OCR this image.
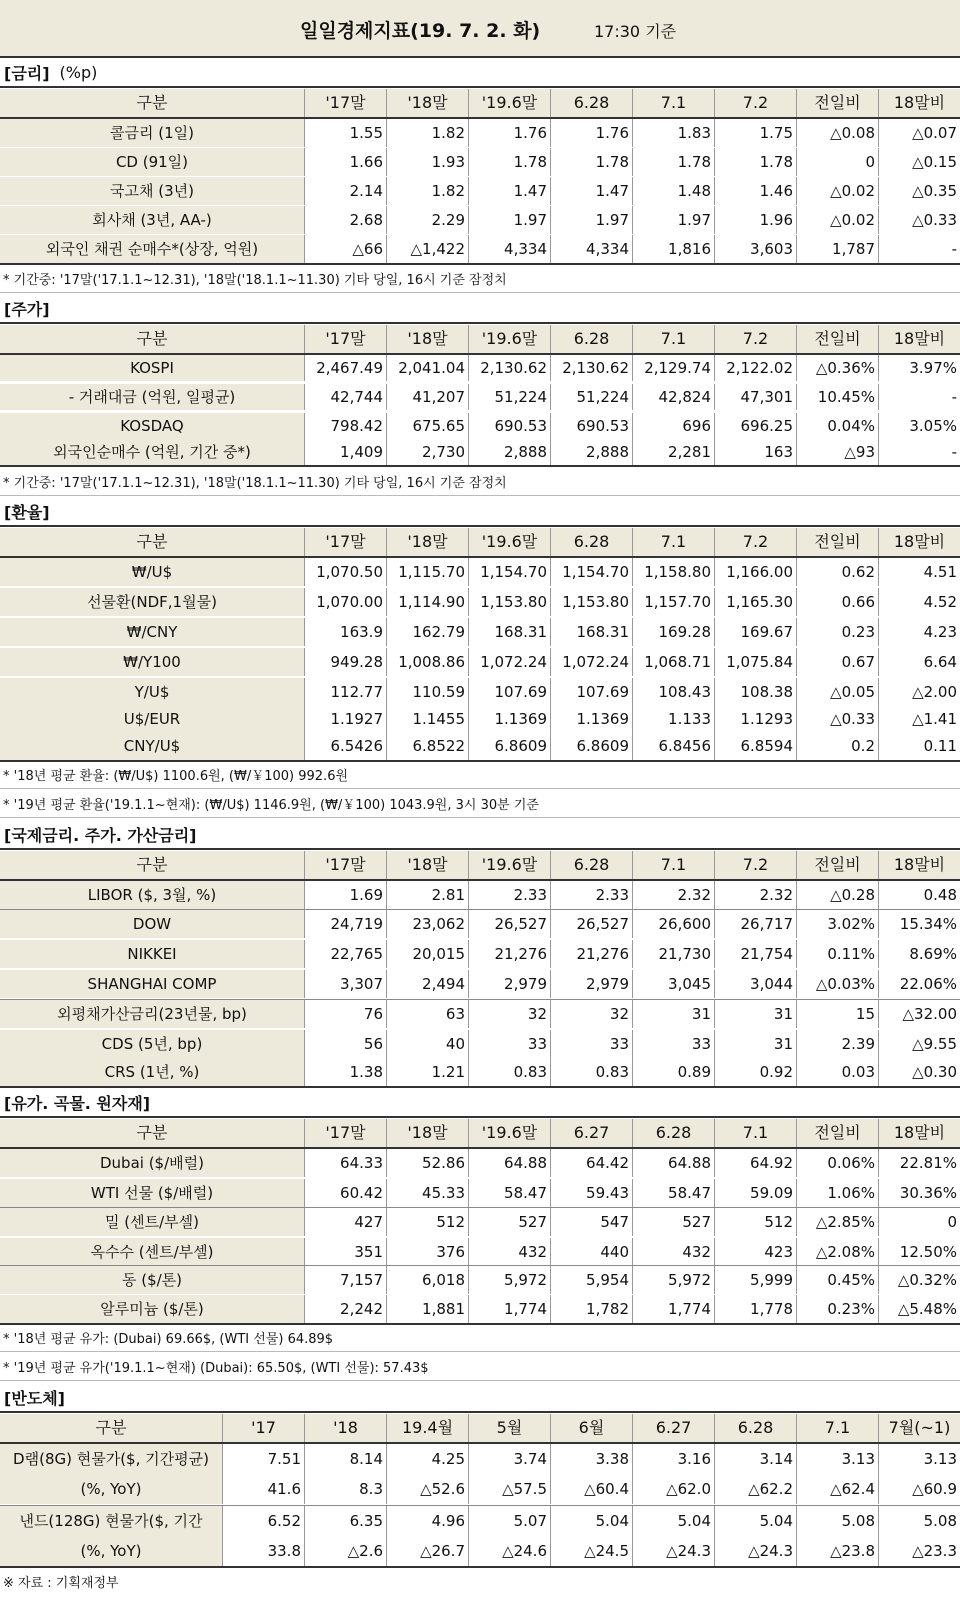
일일경제지표(19. 7. 2. 화)	17:30 기준
[금리] (%p)
구분	'17말	'18말	'19.6말	6.28	7.1	7.2	전일비	18말비
콜금리 (1일)	1.55	1.82	1.76	1.76	1.83	1.75	△0.08	△0.07
CD (91일)	1.66	1.93	1.78	1.78	1.78	1.78	0	△0.15
국고채 (3년)	2.14	1.82	1.47	1.47	1.48	1.46	△0.02	△0.35
회사채 (3년, AA-)	2.68	2.29	1.97	1.97	1.97	1.96	△0.02	△0.33
외국인 채권 순매수*(상장, 억원)	△66	△1,422	4,334	4,334	1,816	3,603	1,787	-
* 기간중: '17말('17.1.1~12.31), '18말('18.1.1~11.30) 기타 당일, 16시 기준 잠정치
[주가]
구분	'17말	'18말	'19.6말	6.28	7.1	7.2	전일비	18말비
KOSPI	2,467.49	2,041.04	2,130.62	2,130.62	2,129.74	2,122.02	△0.36%	3.97%
- 거래대금 (억원, 일평균)	42,744	41,207	51,224	51,224	42,824	47,301	10.45%	-
KOSDAQ	798.42	675.65	690.53	690.53	696	696.25	0.04%	3.05%
외국인순매수 (억원, 기간 중*)	1,409	2,730	2,888	2,888	2,281	163	△93	-
* 기간중: '17말('17.1.1~12.31), '18말('18.1.1~11.30) 기타 당일, 16시 기준 잠정치
[환율]
구분	'17말	'18말	'19.6말	6.28	7.1	7.2	전일비	18말비
₩/U$	1,070.50	1,115.70	1,154.70	1,154.70	1,158.80	1,166.00	0.62	4.51
선물환(NDF,1월물)	1,070.00	1,114.90	1,153.80	1,153.80	1,157.70	1,165.30	0.66	4.52
₩/CNY	163.9	162.79	168.31	168.31	169.28	169.67	0.23	4.23
₩/Y100	949.28	1,008.86	1,072.24	1,072.24	1,068.71	1,075.84	0.67	6.64
Y/U$	112.77	110.59	107.69	107.69	108.43	108.38	△0.05	△2.00
U$/EUR	1.1927	1.1455	1.1369	1.1369	1.133	1.1293	△0.33	△1.41
CNY/U$	6.5426	6.8522	6.8609	6.8609	6.8456	6.8594	0.2	0.11
* '18년 평균 환율: (₩/U$) 1100.6원, (₩/￥100) 992.6원
* '19년 평균 환율('19.1.1~현재): (₩/U$) 1146.9원, (₩/￥100) 1043.9원, 3시 30분 기준
[국제금리. 주가. 가산금리]
구분	'17말	'18말	'19.6말	6.28	7.1	7.2	전일비	18말비
LIBOR ($, 3월, %)	1.69	2.81	2.33	2.33	2.32	2.32	△0.28	0.48
DOW	24,719	23,062	26,527	26,527	26,600	26,717	3.02%	15.34%
NIKKEI	22,765	20,015	21,276	21,276	21,730	21,754	0.11%	8.69%
SHANGHAI COMP	3,307	2,494	2,979	2,979	3,045	3,044	△0.03%	22.06%
외평채가산금리(23년물, bp)	76	63	32	32	31	31	15	△32.00
CDS (5년, bp)	56	40	33	33	33	31	2.39	△9.55
CRS (1년, %)	1.38	1.21	0.83	0.83	0.89	0.92	0.03	△0.30
[유가. 곡물. 원자재]
구분	'17말	'18말	'19.6말	6.27	6.28	7.1	전일비	18말비
Dubai ($/배럴)	64.33	52.86	64.88	64.42	64.88	64.92	0.06%	22.81%
WTI 선물 ($/배럴)	60.42	45.33	58.47	59.43	58.47	59.09	1.06%	30.36%
밀 (센트/부셀)	427	512	527	547	527	512	△2.85%	0
옥수수 (센트/부셀)	351	376	432	440	432	423	△2.08%	12.50%
동 ($/톤)	7,157	6,018	5,972	5,954	5,972	5,999	0.45%	△0.32%
알루미늄 ($/톤)	2,242	1,881	1,774	1,782	1,774	1,778	0.23%	△5.48%
* '18년 평균 유가: (Dubai) 69.66$, (WTI 선물) 64.89$
* '19년 평균 유가('19.1.1~현재) (Dubai): 65.50$, (WTI 선물): 57.43$
[반도체]
구분	'17	'18	19.4월	5월	6월	6.27	6.28	7.1	7월(~1)
D램(8G) 현물가($, 기간평균)	7.51	8.14	4.25	3.74	3.38	3.16	3.14	3.13	3.13
(%, YoY)	41.6	8.3	△52.6	△57.5	△60.4	△62.0	△62.2	△62.4	△60.9
낸드(128G) 현물가($, 기간	6.52	6.35	4.96	5.07	5.04	5.04	5.04	5.08	5.08
(%, YoY)	33.8	△2.6	△26.7	△24.6	△24.5	△24.3	△24.3	△23.8	△23.3
※ 자료 : 기획재정부
